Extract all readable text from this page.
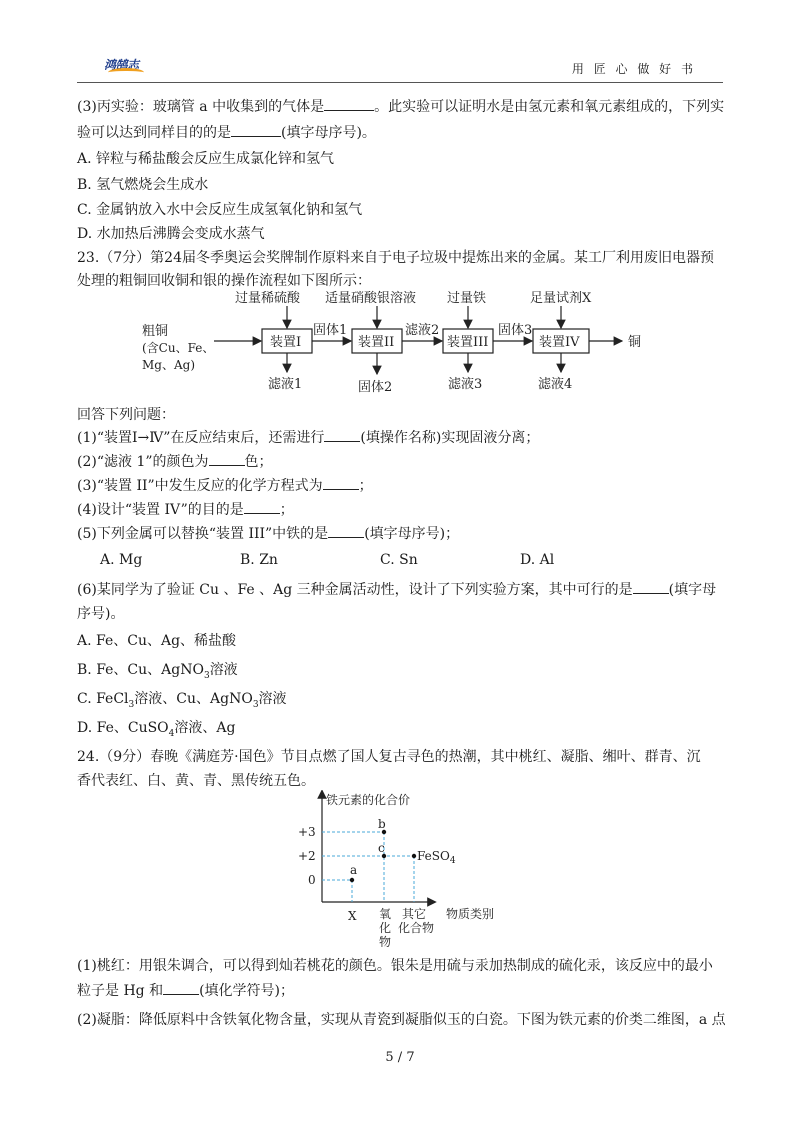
鸿鹄志	用 匠 心 做 好 书
(3)丙实验：玻璃管 a 中收集到的气体是	。此实验可以证明水是由氢元素和氧元素组成的，下列实
验可以达到同样目的的是	(填字母序号)。
A. 锌粒与稀盐酸会反应生成氯化锌和氢气
B. 氢气燃烧会生成水
C. 金属钠放入水中会反应生成氢氧化钠和氢气
D. 水加热后沸腾会变成水蒸气
23.（7分）第24届冬季奥运会奖牌制作原料来自于电子垃圾中提炼出来的金属。某工厂利用废旧电器预
处理的粗铜回收铜和银的操作流程如下图所示：
过量稀硫酸 适量硝酸银溶液 过量铁	足量试剂X
粗铜
(含Cu、Fe、
Mg、Ag)
固体1	滤液2	固体3
铜
滤液1	固体2	滤液3	滤液4
装置I	装置II	装置III	装置IV
回答下列问题：
(1)“装置Ⅰ→Ⅳ”在反应结束后，还需进行	(填操作名称)实现固液分离；
(2)“滤液 1”的颜色为	色；
(3)“装置 II”中发生反应的化学方程式为	；
(4)设计“装置 IV”的目的是	；
(5)下列金属可以替换“装置 III”中铁的是	(填字母序号)；
A. Mg	B. Zn	C. Sn	D. Al
(6)某同学为了验证 Cu 、Fe 、Ag 三种金属活动性，设计了下列实验方案，其中可行的是	(填字母
序号)。
A. Fe、Cu、Ag、稀盐酸
B. Fe、Cu、AgNO$_3$溶液
C. FeCl$_3$溶液、Cu、AgNO$_3$溶液
D. Fe、CuSO$_4$溶液、Ag
24.（9分）春晚《满庭芳·国色》节目点燃了国人复古寻色的热潮，其中桃红、凝脂、缃叶、群青、沉
香代表红、白、黄、青、黑传统五色。
铁元素的化合价
+3
+2
0
a
b
c
FeSO$_4$
X 氧
化
物
其它
化合物
物质类别
(1)桃红：用银朱调合，可以得到灿若桃花的颜色。银朱是用硫与汞加热制成的硫化汞，该反应中的最小
粒子是 Hg 和	(填化学符号)；
(2)凝脂：降低原料中含铁氧化物含量，实现从青瓷到凝脂似玉的白瓷。下图为铁元素的价类二维图，a 点
5 / 7
